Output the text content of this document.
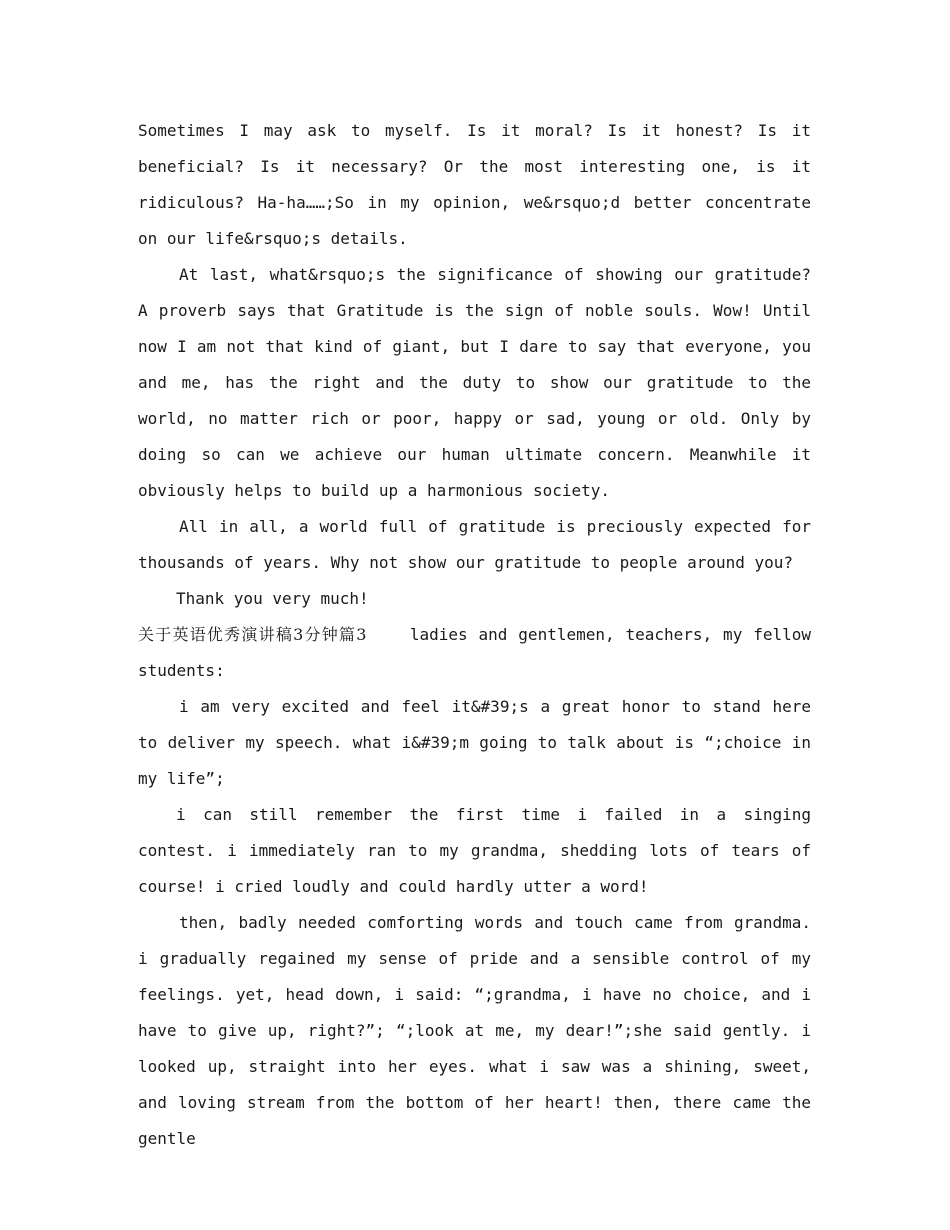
Sometimes I may ask to myself. Is it moral? Is it honest? Is it beneficial? Is it necessary? Or the most interesting one, is it ridiculous? Ha-ha……;So in my opinion, we&rsquo;d better concentrate on our life&rsquo;s details.

At last, what&rsquo;s the significance of showing our gratitude? A proverb says that Gratitude is the sign of noble souls. Wow! Until now I am not that kind of giant, but I dare to say that everyone, you and me, has the right and the duty to show our gratitude to the world, no matter rich or poor, happy or sad, young or old. Only by doing so can we achieve our human ultimate concern. Meanwhile it obviously helps to build up a harmonious society.

All in all, a world full of gratitude is preciously expected for thousands of years. Why not show our gratitude to people around you?

Thank you very much!

关于英语优秀演讲稿3分钟篇3	ladies and gentlemen, teachers, my fellow students:

i am very excited and feel it&#39;s a great honor to stand here to deliver my speech. what i&#39;m going to talk about is “;choice in my life”;

i can still remember the first time i failed in a singing contest. i immediately ran to my grandma, shedding lots of tears of course! i cried loudly and could hardly utter a word!

then, badly needed comforting words and touch came from grandma. i gradually regained my sense of pride and a sensible control of my feelings. yet, head down, i said: “;grandma, i have no choice, and i have to give up, right?”; “;look at me, my dear!”;she said gently. i looked up, straight into her eyes. what i saw was a shining, sweet, and loving stream from the bottom of her heart! then, there came the gentle
